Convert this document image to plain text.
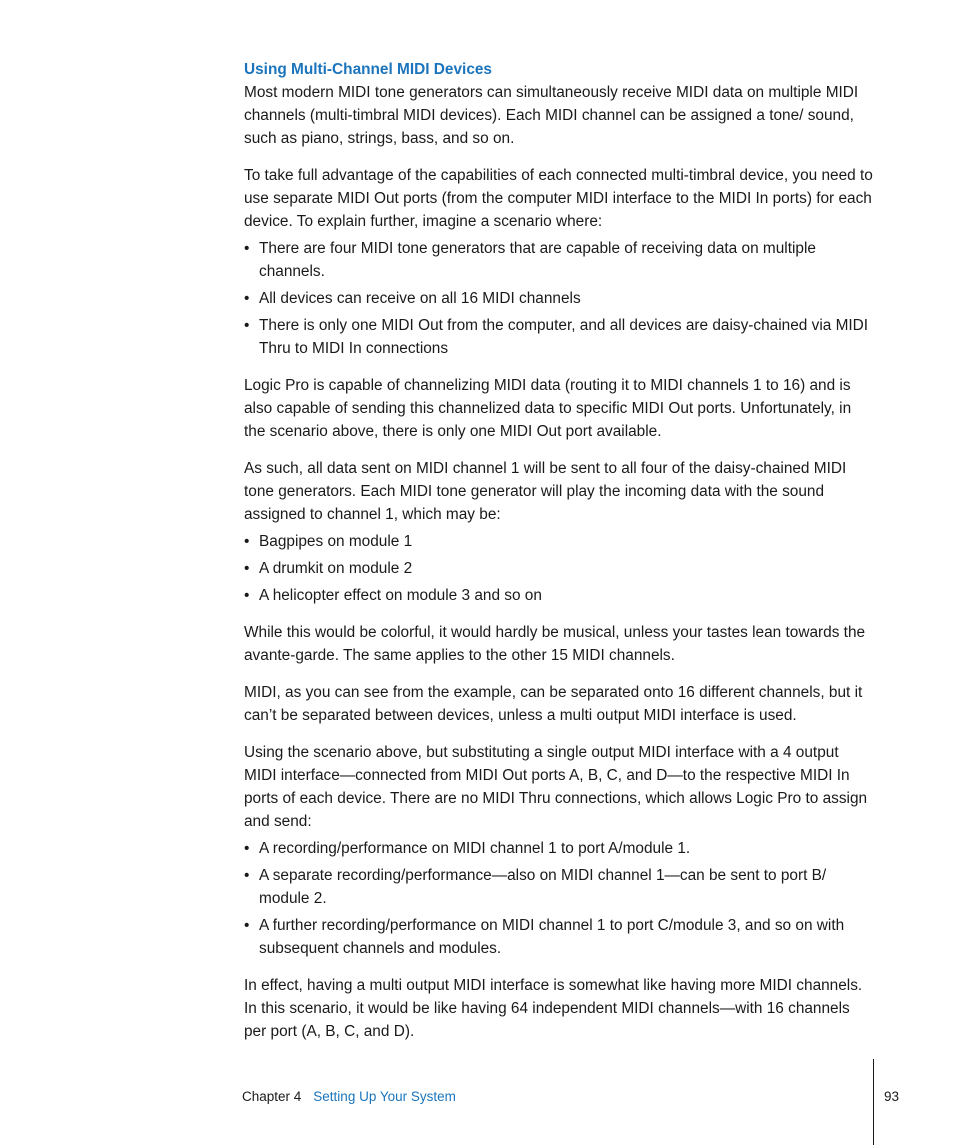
Using Multi-Channel MIDI Devices

Most modern MIDI tone generators can simultaneously receive MIDI data on multiple MIDI channels (multi-timbral MIDI devices). Each MIDI channel can be assigned a tone/ sound, such as piano, strings, bass, and so on.

To take full advantage of the capabilities of each connected multi-timbral device, you need to use separate MIDI Out ports (from the computer MIDI interface to the MIDI In ports) for each device. To explain further, imagine a scenario where:

• There are four MIDI tone generators that are capable of receiving data on multiple channels.
• All devices can receive on all 16 MIDI channels
• There is only one MIDI Out from the computer, and all devices are daisy-chained via MIDI Thru to MIDI In connections

Logic Pro is capable of channelizing MIDI data (routing it to MIDI channels 1 to 16) and is also capable of sending this channelized data to specific MIDI Out ports. Unfortunately, in the scenario above, there is only one MIDI Out port available.

As such, all data sent on MIDI channel 1 will be sent to all four of the daisy-chained MIDI tone generators. Each MIDI tone generator will play the incoming data with the sound assigned to channel 1, which may be:

• Bagpipes on module 1
• A drumkit on module 2
• A helicopter effect on module 3 and so on

While this would be colorful, it would hardly be musical, unless your tastes lean towards the avante-garde. The same applies to the other 15 MIDI channels.

MIDI, as you can see from the example, can be separated onto 16 different channels, but it can’t be separated between devices, unless a multi output MIDI interface is used.

Using the scenario above, but substituting a single output MIDI interface with a 4 output MIDI interface—connected from MIDI Out ports A, B, C, and D—to the respective MIDI In ports of each device. There are no MIDI Thru connections, which allows Logic Pro to assign and send:

• A recording/performance on MIDI channel 1 to port A/module 1.
• A separate recording/performance—also on MIDI channel 1—can be sent to port B/ module 2.
• A further recording/performance on MIDI channel 1 to port C/module 3, and so on with subsequent channels and modules.

In effect, having a multi output MIDI interface is somewhat like having more MIDI channels. In this scenario, it would be like having 64 independent MIDI channels—with 16 channels per port (A, B, C, and D).

Chapter 4 Setting Up Your System	93
